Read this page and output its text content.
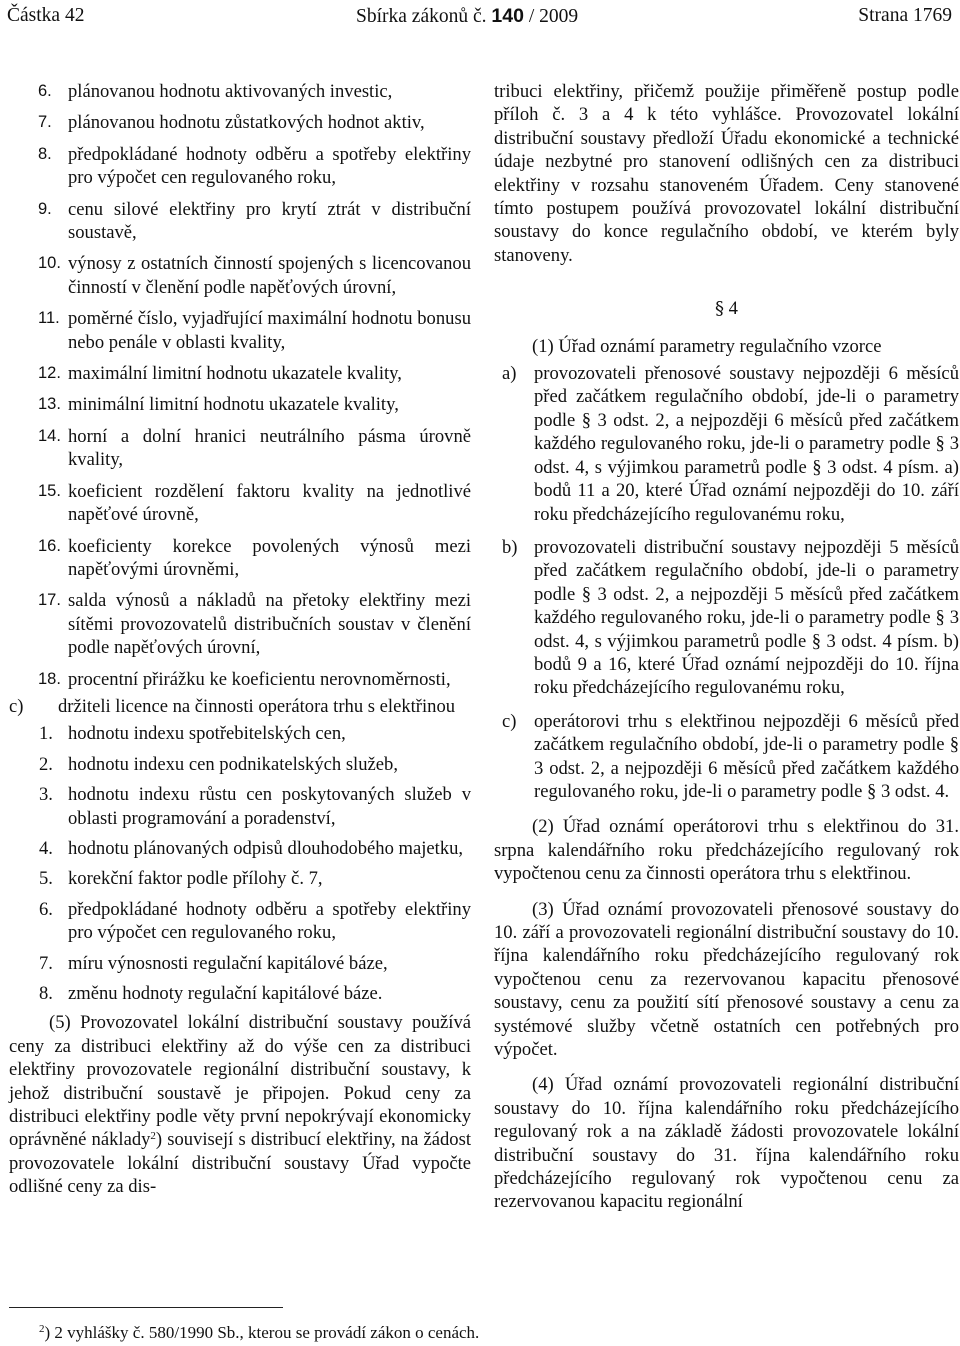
Částka 42	Sbírka zákonů č. 140 / 2009	Strana 1769

6. plánovanou hodnotu aktivovaných investic,

7. plánovanou hodnotu zůstatkových hodnot aktiv,

8. předpokládané hodnoty odběru a spotřeby elektřiny pro výpočet cen regulovaného roku,

9. cenu silové elektřiny pro krytí ztrát v distribuční soustavě,

10. výnosy z ostatních činností spojených s licencovanou činností v členění podle napěťových úrovní,

11. poměrné číslo, vyjadřující maximální hodnotu bonusu nebo penále v oblasti kvality,

12. maximální limitní hodnotu ukazatele kvality,

13. minimální limitní hodnotu ukazatele kvality,

14. horní a dolní hranici neutrálního pásma úrovně kvality,

15. koeficient rozdělení faktoru kvality na jednotlivé napěťové úrovně,

16. koeficienty korekce povolených výnosů mezi napěťovými úrovněmi,

17. salda výnosů a nákladů na přetoky elektřiny mezi sítěmi provozovatelů distribučních soustav v členění podle napěťových úrovní,

18. procentní přirážku ke koeficientu nerovnoměrnosti,

c) držiteli licence na činnosti operátora trhu s elektřinou

1. hodnotu indexu spotřebitelských cen,

2. hodnotu indexu cen podnikatelských služeb,

3. hodnotu indexu růstu cen poskytovaných služeb v oblasti programování a poradenství,

4. hodnotu plánovaných odpisů dlouhodobého majetku,

5. korekční faktor podle přílohy č. 7,

6. předpokládané hodnoty odběru a spotřeby elektřiny pro výpočet cen regulovaného roku,

7. míru výnosnosti regulační kapitálové báze,

8. změnu hodnoty regulační kapitálové báze.

(5) Provozovatel lokální distribuční soustavy používá ceny za distribuci elektřiny až do výše cen za distribuci elektřiny provozovatele regionální distribuční soustavy, k jehož distribuční soustavě je připojen. Pokud ceny za distribuci elektřiny podle věty první nepokrývají ekonomicky oprávněné náklady$^2$) souvisejí s distribucí elektřiny, na žádost provozovatele lokální distribuční soustavy Úřad vypočte odlišné ceny za dis-

tribuci elektřiny, přičemž použije přiměřeně postup podle příloh č. 3 a 4 k této vyhlášce. Provozovatel lokální distribuční soustavy předloží Úřadu ekonomické a technické údaje nezbytné pro stanovení odlišných cen za distribuci elektřiny v rozsahu stanoveném Úřadem. Ceny stanovené tímto postupem používá provozovatel lokální distribuční soustavy do konce regulačního období, ve kterém byly stanoveny.

§ 4

(1) Úřad oznámí parametry regulačního vzorce

a) provozovateli přenosové soustavy nejpozději 6 měsíců před začátkem regulačního období, jde-li o parametry podle § 3 odst. 2, a nejpozději 6 měsíců před začátkem každého regulovaného roku, jde-li o parametry podle § 3 odst. 4, s výjimkou parametrů podle § 3 odst. 4 písm. a) bodů 11 a 20, které Úřad oznámí nejpozději do 10. září roku předcházejícího regulovanému roku,

b) provozovateli distribuční soustavy nejpozději 5 měsíců před začátkem regulačního období, jde-li o parametry podle § 3 odst. 2, a nejpozději 5 měsíců před začátkem každého regulovaného roku, jde-li o parametry podle § 3 odst. 4, s výjimkou parametrů podle § 3 odst. 4 písm. b) bodů 9 a 16, které Úřad oznámí nejpozději do 10. října roku předcházejícího regulovanému roku,

c) operátorovi trhu s elektřinou nejpozději 6 měsíců před začátkem regulačního období, jde-li o parametry podle § 3 odst. 2, a nejpozději 6 měsíců před začátkem každého regulovaného roku, jde-li o parametry podle § 3 odst. 4.

(2) Úřad oznámí operátorovi trhu s elektřinou do 31. srpna kalendářního roku předcházejícího regulovaný rok vypočtenou cenu za činnosti operátora trhu s elektřinou.

(3) Úřad oznámí provozovateli přenosové soustavy do 10. září a provozovateli regionální distribuční soustavy do 10. října kalendářního roku předcházejícího regulovaný rok vypočtenou cenu za rezervovanou kapacitu přenosové soustavy, cenu za použití sítí přenosové soustavy a cenu za systémové služby včetně ostatních cen potřebných pro výpočet.

(4) Úřad oznámí provozovateli regionální distribuční soustavy do 10. října kalendářního roku předcházejícího regulovaný rok a na základě žádosti provozovatele lokální distribuční soustavy do 31. října kalendářního roku předcházejícího regulovaný rok vypočtenou cenu za rezervovanou kapacitu regionální

$^2$) 2 vyhlášky č. 580/1990 Sb., kterou se provádí zákon o cenách.
